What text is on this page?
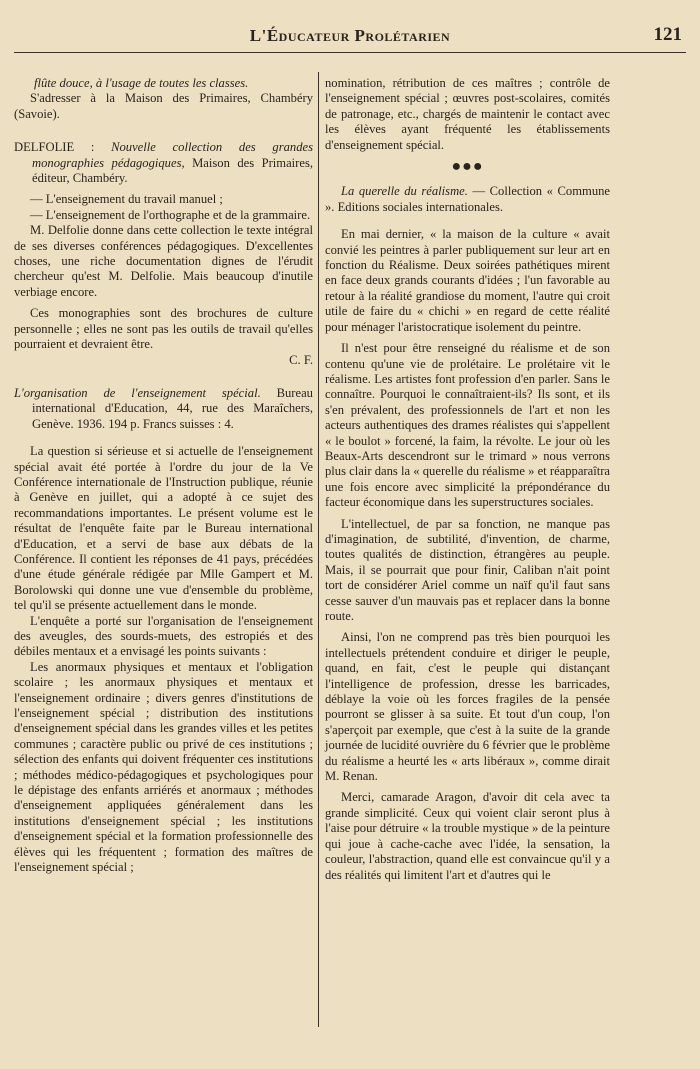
L'Éducateur Prolétarien	121

flûte douce, à l'usage de toutes les classes.

S'adresser à la Maison des Primaires, Chambéry (Savoie).

DELFOLIE : Nouvelle collection des grandes monographies pédagogiques, Maison des Primaires, éditeur, Chambéry.

— L'enseignement du travail manuel ;

— L'enseignement de l'orthographe et de la grammaire.

M. Delfolie donne dans cette collection le texte intégral de ses diverses conférences pédagogiques. D'excellentes choses, une riche documentation dignes de l'érudit chercheur qu'est M. Delfolie. Mais beaucoup d'inutile verbiage encore.

Ces monographies sont des brochures de culture personnelle ; elles ne sont pas les outils de travail qu'elles pourraient et devraient être.

C. F.

L'organisation de l'enseignement spécial. Bureau international d'Education, 44, rue des Maraîchers, Genève. 1936. 194 p. Francs suisses : 4.

La question si sérieuse et si actuelle de l'enseignement spécial avait été portée à l'ordre du jour de la Ve Conférence internationale de l'Instruction publique, réunie à Genève en juillet, qui a adopté à ce sujet des recommandations importantes. Le présent volume est le résultat de l'enquête faite par le Bureau international d'Education, et a servi de base aux débats de la Conférence. Il contient les réponses de 41 pays, précédées d'une étude générale rédigée par Mlle Gampert et M. Borolowski qui donne une vue d'ensemble du problème, tel qu'il se présente actuellement dans le monde.

L'enquête a porté sur l'organisation de l'enseignement des aveugles, des sourds-muets, des estropiés et des débiles mentaux et a envisagé les points suivants :

Les anormaux physiques et mentaux et l'obligation scolaire ; les anormaux physiques et mentaux et l'enseignement ordinaire ; divers genres d'institutions de l'enseignement spécial ; distribution des institutions d'enseignement spécial dans les grandes villes et les petites communes ; caractère public ou privé de ces institutions ; sélection des enfants qui doivent fréquenter ces institutions ; méthodes médico-pédagogiques et psychologiques pour le dépistage des enfants arriérés et anormaux ; méthodes d'enseignement appliquées généralement dans les institutions d'enseignement spécial ; les institutions d'enseignement spécial et la formation professionnelle des élèves qui les fréquentent ; formation des maîtres de l'enseignement spécial ;

nomination, rétribution de ces maîtres ; contrôle de l'enseignement spécial ; œuvres post-scolaires, comités de patronage, etc., chargés de maintenir le contact avec les élèves ayant fréquenté les établissements d'enseignement spécial.

●●●

La querelle du réalisme. — Collection « Commune ». Editions sociales internationales.

En mai dernier, « la maison de la culture « avait convié les peintres à parler publiquement sur leur art en fonction du Réalisme. Deux soirées pathétiques mirent en face deux grands courants d'idées ; l'un favorable au retour à la réalité grandiose du moment, l'autre qui croit utile de faire du « chichi » en regard de cette réalité pour ménager l'aristocratique isolement du peintre.

Il n'est pour être renseigné du réalisme et de son contenu qu'une vie de prolétaire. Le prolétaire vit le réalisme. Les artistes font profession d'en parler. Sans le connaître. Pourquoi le connaîtraient-ils? Ils sont, et ils s'en prévalent, des professionnels de l'art et non les acteurs authentiques des drames réalistes qui s'appellent « le boulot » forcené, la faim, la révolte. Le jour où les Beaux-Arts descendront sur le trimard » nous verrons plus clair dans la « querelle du réalisme » et réapparaîtra une fois encore avec simplicité la prépondérance du facteur économique dans les superstructures sociales.

L'intellectuel, de par sa fonction, ne manque pas d'imagination, de subtilité, d'invention, de charme, toutes qualités de distinction, étrangères au peuple. Mais, il se pourrait que pour finir, Caliban n'ait point tort de considérer Ariel comme un naïf qu'il faut sans cesse sauver d'un mauvais pas et replacer dans la bonne route.

Ainsi, l'on ne comprend pas très bien pourquoi les intellectuels prétendent conduire et diriger le peuple, quand, en fait, c'est le peuple qui distançant l'intelligence de profession, dresse les barricades, déblaye la voie où les forces fragiles de la pensée pourront se glisser à sa suite. Et tout d'un coup, l'on s'aperçoit par exemple, que c'est à la suite de la grande journée de lucidité ouvrière du 6 février que le problème du réalisme a heurté les « arts libéraux », comme dirait M. Renan.

Merci, camarade Aragon, d'avoir dit cela avec ta grande simplicité. Ceux qui voient clair seront plus à l'aise pour détruire « la trouble mystique » de la peinture qui joue à cache-cache avec l'idée, la sensation, la couleur, l'abstraction, quand elle est convaincue qu'il y a des réalités qui limitent l'art et d'autres qui le
